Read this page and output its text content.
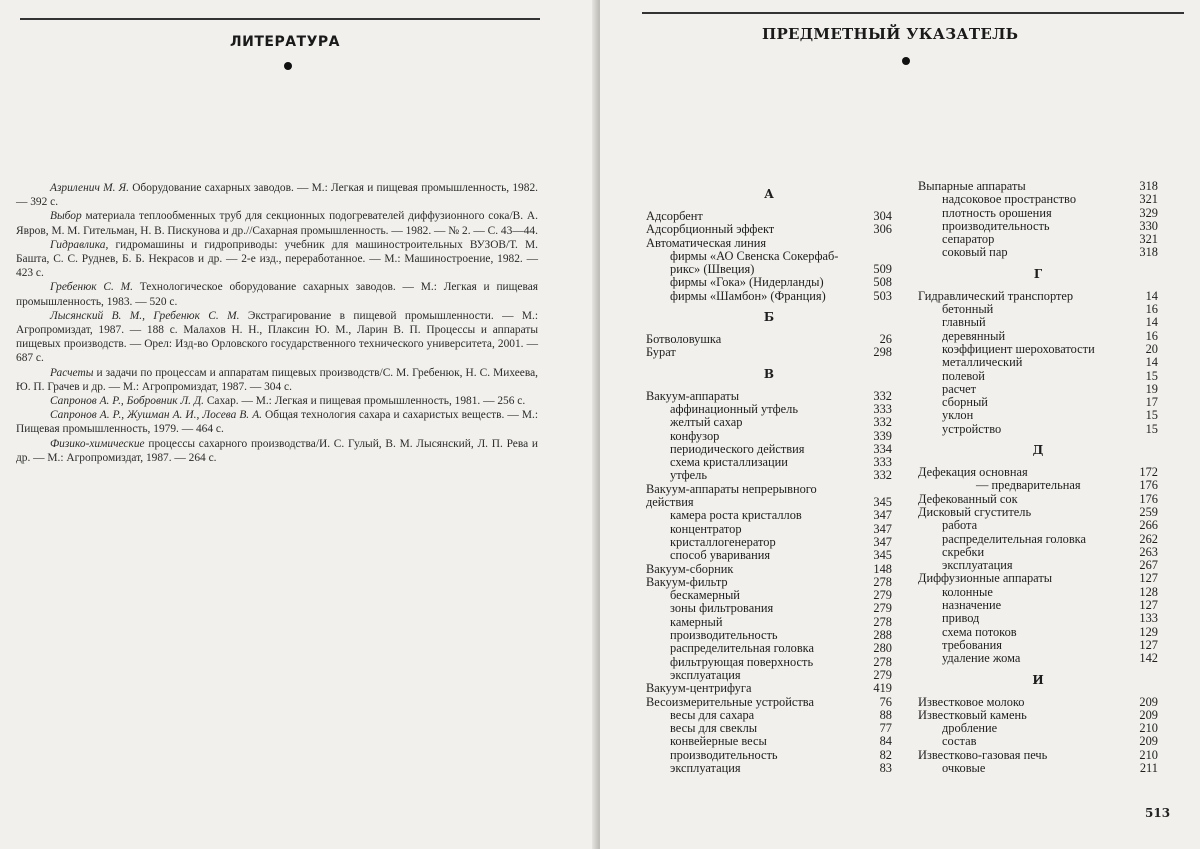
ЛИТЕРАТУРА

Азриленич М. Я. Оборудование сахарных заводов. — М.: Легкая и пищевая промышленность, 1982. — 392 с.

Выбор материала теплообменных труб для секционных подогревателей диффузионного сока/В. А. Явров, М. М. Гительман, Н. В. Пискунова и др.//Сахарная промышленность. — 1982. — № 2. — С. 43—44.

Гидравлика, гидромашины и гидроприводы: учебник для машиностроительных ВУЗОВ/Т. М. Башта, С. С. Руднев, Б. Б. Некрасов и др. — 2-е изд., переработанное. — М.: Машиностроение, 1982. — 423 с.

Гребенюк С. М. Технологическое оборудование сахарных заводов. — М.: Легкая и пищевая промышленность, 1983. — 520 с.

Лысянский В. М., Гребенюк С. М. Экстрагирование в пищевой промышленности. — М.: Агропромиздат, 1987. — 188 с. Малахов Н. Н., Плаксин Ю. М., Ларин В. П. Процессы и аппараты пищевых производств. — Орел: Изд-во Орловского государственного технического университета, 2001. — 687 с.

Расчеты и задачи по процессам и аппаратам пищевых производств/С. М. Гребенюк, Н. С. Михеева, Ю. П. Грачев и др. — М.: Агропромиздат, 1987. — 304 с.

Сапронов А. Р., Бобровник Л. Д. Сахар. — М.: Легкая и пищевая промышленность, 1981. — 256 с.

Сапронов А. Р., Жушман А. И., Лосева В. А. Общая технология сахара и сахаристых веществ. — М.: Пищевая промышленность, 1979. — 464 с.

Физико-химические процессы сахарного производства/И. С. Гулый, В. М. Лысянский, Л. П. Рева и др. — М.: Агропромиздат, 1987. — 264 с.

ПРЕДМЕТНЫЙ УКАЗАТЕЛЬ
А
Адсорбент	304
Адсорбционный эффект	306
Автоматическая линия
фирмы «АО Свенска Сокерфаб-
рикс» (Швеция)	509
фирмы «Гока» (Нидерланды)	508
фирмы «Шамбон» (Франция)	503
Б
Ботволовушка	26
Бурат	298
В
Вакуум-аппараты	332
аффинационный утфель	333
желтый сахар	332
конфузор	339
периодического действия	334
схема кристаллизации	333
утфель	332
Вакуум-аппараты непрерывного
действия	345
камера роста кристаллов	347
концентратор	347
кристаллогенератор	347
способ уваривания	345
Вакуум-сборник	148
Вакуум-фильтр	278
бескамерный	279
зоны фильтрования	279
камерный	278
производительность	288
распределительная головка	280
фильтрующая поверхность	278
эксплуатация	279
Вакуум-центрифуга	419
Весоизмерительные устройства	76
весы для сахара	88
весы для свеклы	77
конвейерные весы	84
производительность	82
эксплуатация	83
Выпарные аппараты	318
надсоковое пространство	321
плотность орошения	329
производительность	330
сепаратор	321
соковый пар	318
Г
Гидравлический транспортер	14
бетонный	16
главный	14
деревянный	16
коэффициент шероховатости	20
металлический	14
полевой	15
расчет	19
сборный	17
уклон	15
устройство	15
Д
Дефекация основная	172
— предварительная	176
Дефекованный сок	176
Дисковый сгуститель	259
работа	266
распределительная головка	262
скребки	263
эксплуатация	267
Диффузионные аппараты	127
колонные	128
назначение	127
привод	133
схема потоков	129
требования	127
удаление жома	142
И
Известковое молоко	209
Известковый камень	209
дробление	210
состав	209
Известково-газовая печь	210
очковые	211
513
